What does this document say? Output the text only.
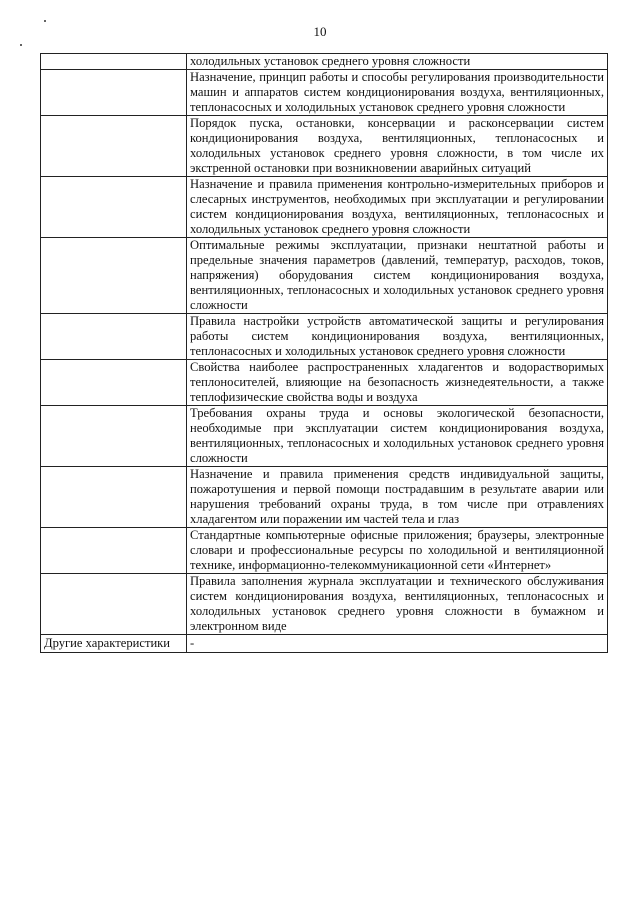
10
	холодильных установок среднего уровня сложности
	Назначение, принцип работы и способы регулирования производительности машин и аппаратов систем кондиционирования воздуха, вентиляционных, теплонасосных и холодильных установок среднего уровня сложности
	Порядок пуска, остановки, консервации и расконсервации систем кондиционирования воздуха, вентиляционных, теплонасосных и холодильных установок среднего уровня сложности, в том числе их экстренной остановки при возникновении аварийных ситуаций
	Назначение и правила применения контрольно-измерительных приборов и слесарных инструментов, необходимых при эксплуатации и регулировании систем кондиционирования воздуха, вентиляционных, теплонасосных и холодильных установок среднего уровня сложности
	Оптимальные режимы эксплуатации, признаки нештатной работы и предельные значения параметров (давлений, температур, расходов, токов, напряжения) оборудования систем кондиционирования воздуха, вентиляционных, теплонасосных и холодильных установок среднего уровня сложности
	Правила настройки устройств автоматической защиты и регулирования работы систем кондиционирования воздуха, вентиляционных, теплонасосных и холодильных установок среднего уровня сложности
	Свойства наиболее распространенных хладагентов и водорастворимых теплоносителей, влияющие на безопасность жизнедеятельности, а также теплофизические свойства воды и воздуха
	Требования охраны труда и основы экологической безопасности, необходимые при эксплуатации систем кондиционирования воздуха, вентиляционных, теплонасосных и холодильных установок среднего уровня сложности
	Назначение и правила применения средств индивидуальной защиты, пожаротушения и первой помощи пострадавшим в результате аварии или нарушения требований охраны труда, в том числе при отравлениях хладагентом или поражении им частей тела и глаз
	Стандартные компьютерные офисные приложения; браузеры, электронные словари и профессиональные ресурсы по холодильной и вентиляционной технике, информационно-телекоммуникационной сети «Интернет»
	Правила заполнения журнала эксплуатации и технического обслуживания систем кондиционирования воздуха, вентиляционных, теплонасосных и холодильных установок среднего уровня сложности в бумажном и электронном виде
Другие характеристики	-
